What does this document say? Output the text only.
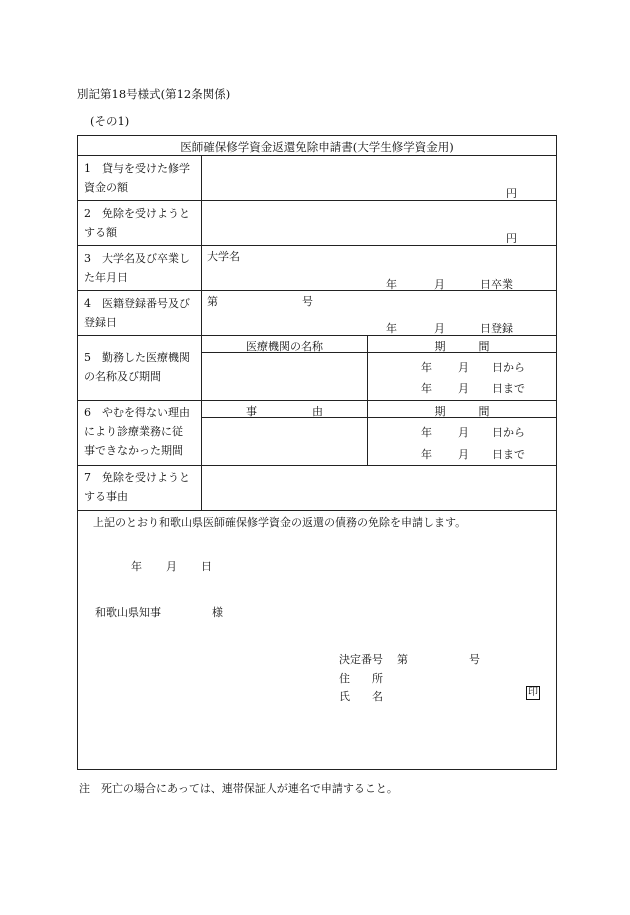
別記第18号様式(第12条関係)
(その1)
医師確保修学資金返還免除申請書(大学生修学資金用)
1　貸与を受けた修学
資金の額	円
2　免除を受けようと
する額	円
3　大学名及び卒業し
た年月日
大学名
年	月	日卒業
4　医籍登録番号及び
登録日
第	号
年	月	日登録
5　勤務した医療機関
の名称及び期間
医療機関の名称	期　　　間
年 月 日から
年 月 日まで
6　やむを得ない理由
により診療業務に従
事できなかった期間
事　　　　　由	期　　　間
年 月 日から
年 月 日まで
7　免除を受けようと
する事由
上記のとおり和歌山県医師確保修学資金の返還の債務の免除を申請します。
年 月 日
和歌山県知事	様
決定番号 第	号
住　　所
氏　　名	印
注　死亡の場合にあっては、連帯保証人が連名で申請すること。
